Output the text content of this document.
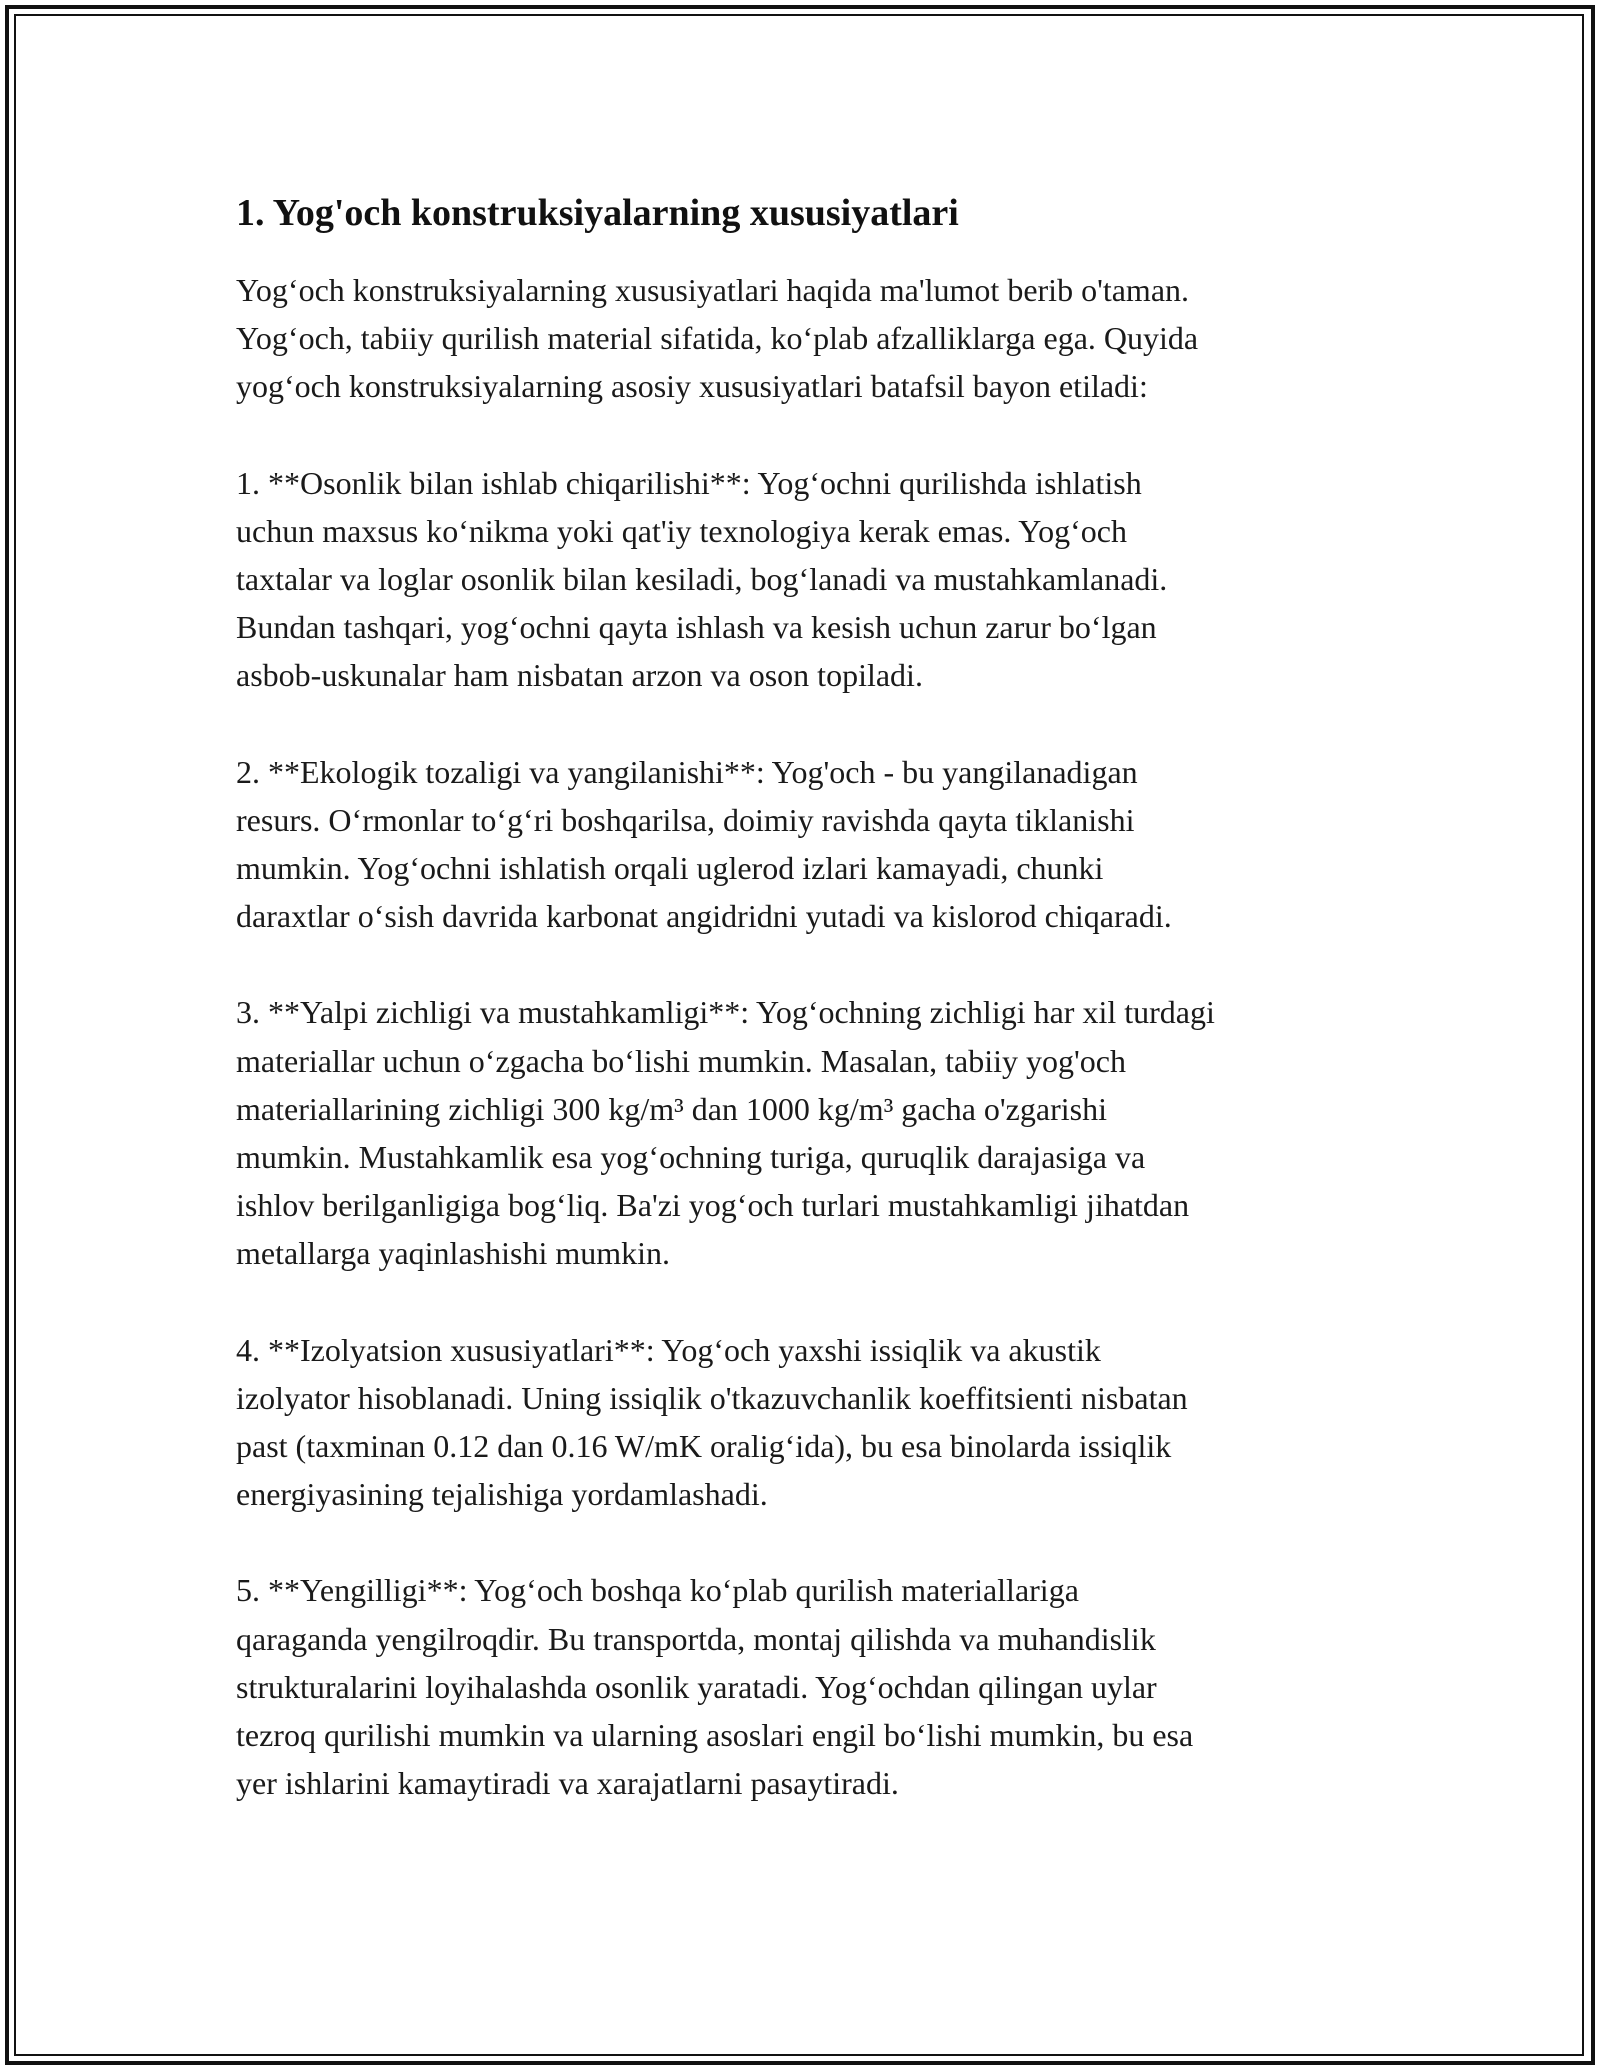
1. Yog'och konstruksiyalarning xususiyatlari

Yog‘och konstruksiyalarning xususiyatlari haqida ma'lumot berib o'taman.
Yog‘och, tabiiy qurilish material sifatida, ko‘plab afzalliklarga ega. Quyida
yog‘och konstruksiyalarning asosiy xususiyatlari batafsil bayon etiladi:

1. **Osonlik bilan ishlab chiqarilishi**: Yog‘ochni qurilishda ishlatish
uchun maxsus ko‘nikma yoki qat'iy texnologiya kerak emas. Yog‘och
taxtalar va loglar osonlik bilan kesiladi, bog‘lanadi va mustahkamlanadi.
Bundan tashqari, yog‘ochni qayta ishlash va kesish uchun zarur bo‘lgan
asbob-uskunalar ham nisbatan arzon va oson topiladi.

2. **Ekologik tozaligi va yangilanishi**: Yog'och - bu yangilanadigan
resurs. O‘rmonlar to‘g‘ri boshqarilsa, doimiy ravishda qayta tiklanishi
mumkin. Yog‘ochni ishlatish orqali uglerod izlari kamayadi, chunki
daraxtlar o‘sish davrida karbonat angidridni yutadi va kislorod chiqaradi.

3. **Yalpi zichligi va mustahkamligi**: Yog‘ochning zichligi har xil turdagi
materiallar uchun o‘zgacha bo‘lishi mumkin. Masalan, tabiiy yog'och
materiallarining zichligi 300 kg/m³ dan 1000 kg/m³ gacha o'zgarishi
mumkin. Mustahkamlik esa yog‘ochning turiga, quruqlik darajasiga va
ishlov berilganligiga bog‘liq. Ba'zi yog‘och turlari mustahkamligi jihatdan
metallarga yaqinlashishi mumkin.

4. **Izolyatsion xususiyatlari**: Yog‘och yaxshi issiqlik va akustik
izolyator hisoblanadi. Uning issiqlik o'tkazuvchanlik koeffitsienti nisbatan
past (taxminan 0.12 dan 0.16 W/mK oralig‘ida), bu esa binolarda issiqlik
energiyasining tejalishiga yordamlashadi.

5. **Yengilligi**: Yog‘och boshqa ko‘plab qurilish materiallariga
qaraganda yengilroqdir. Bu transportda, montaj qilishda va muhandislik
strukturalarini loyihalashda osonlik yaratadi. Yog‘ochdan qilingan uylar
tezroq qurilishi mumkin va ularning asoslari engil bo‘lishi mumkin, bu esa
yer ishlarini kamaytiradi va xarajatlarni pasaytiradi.
